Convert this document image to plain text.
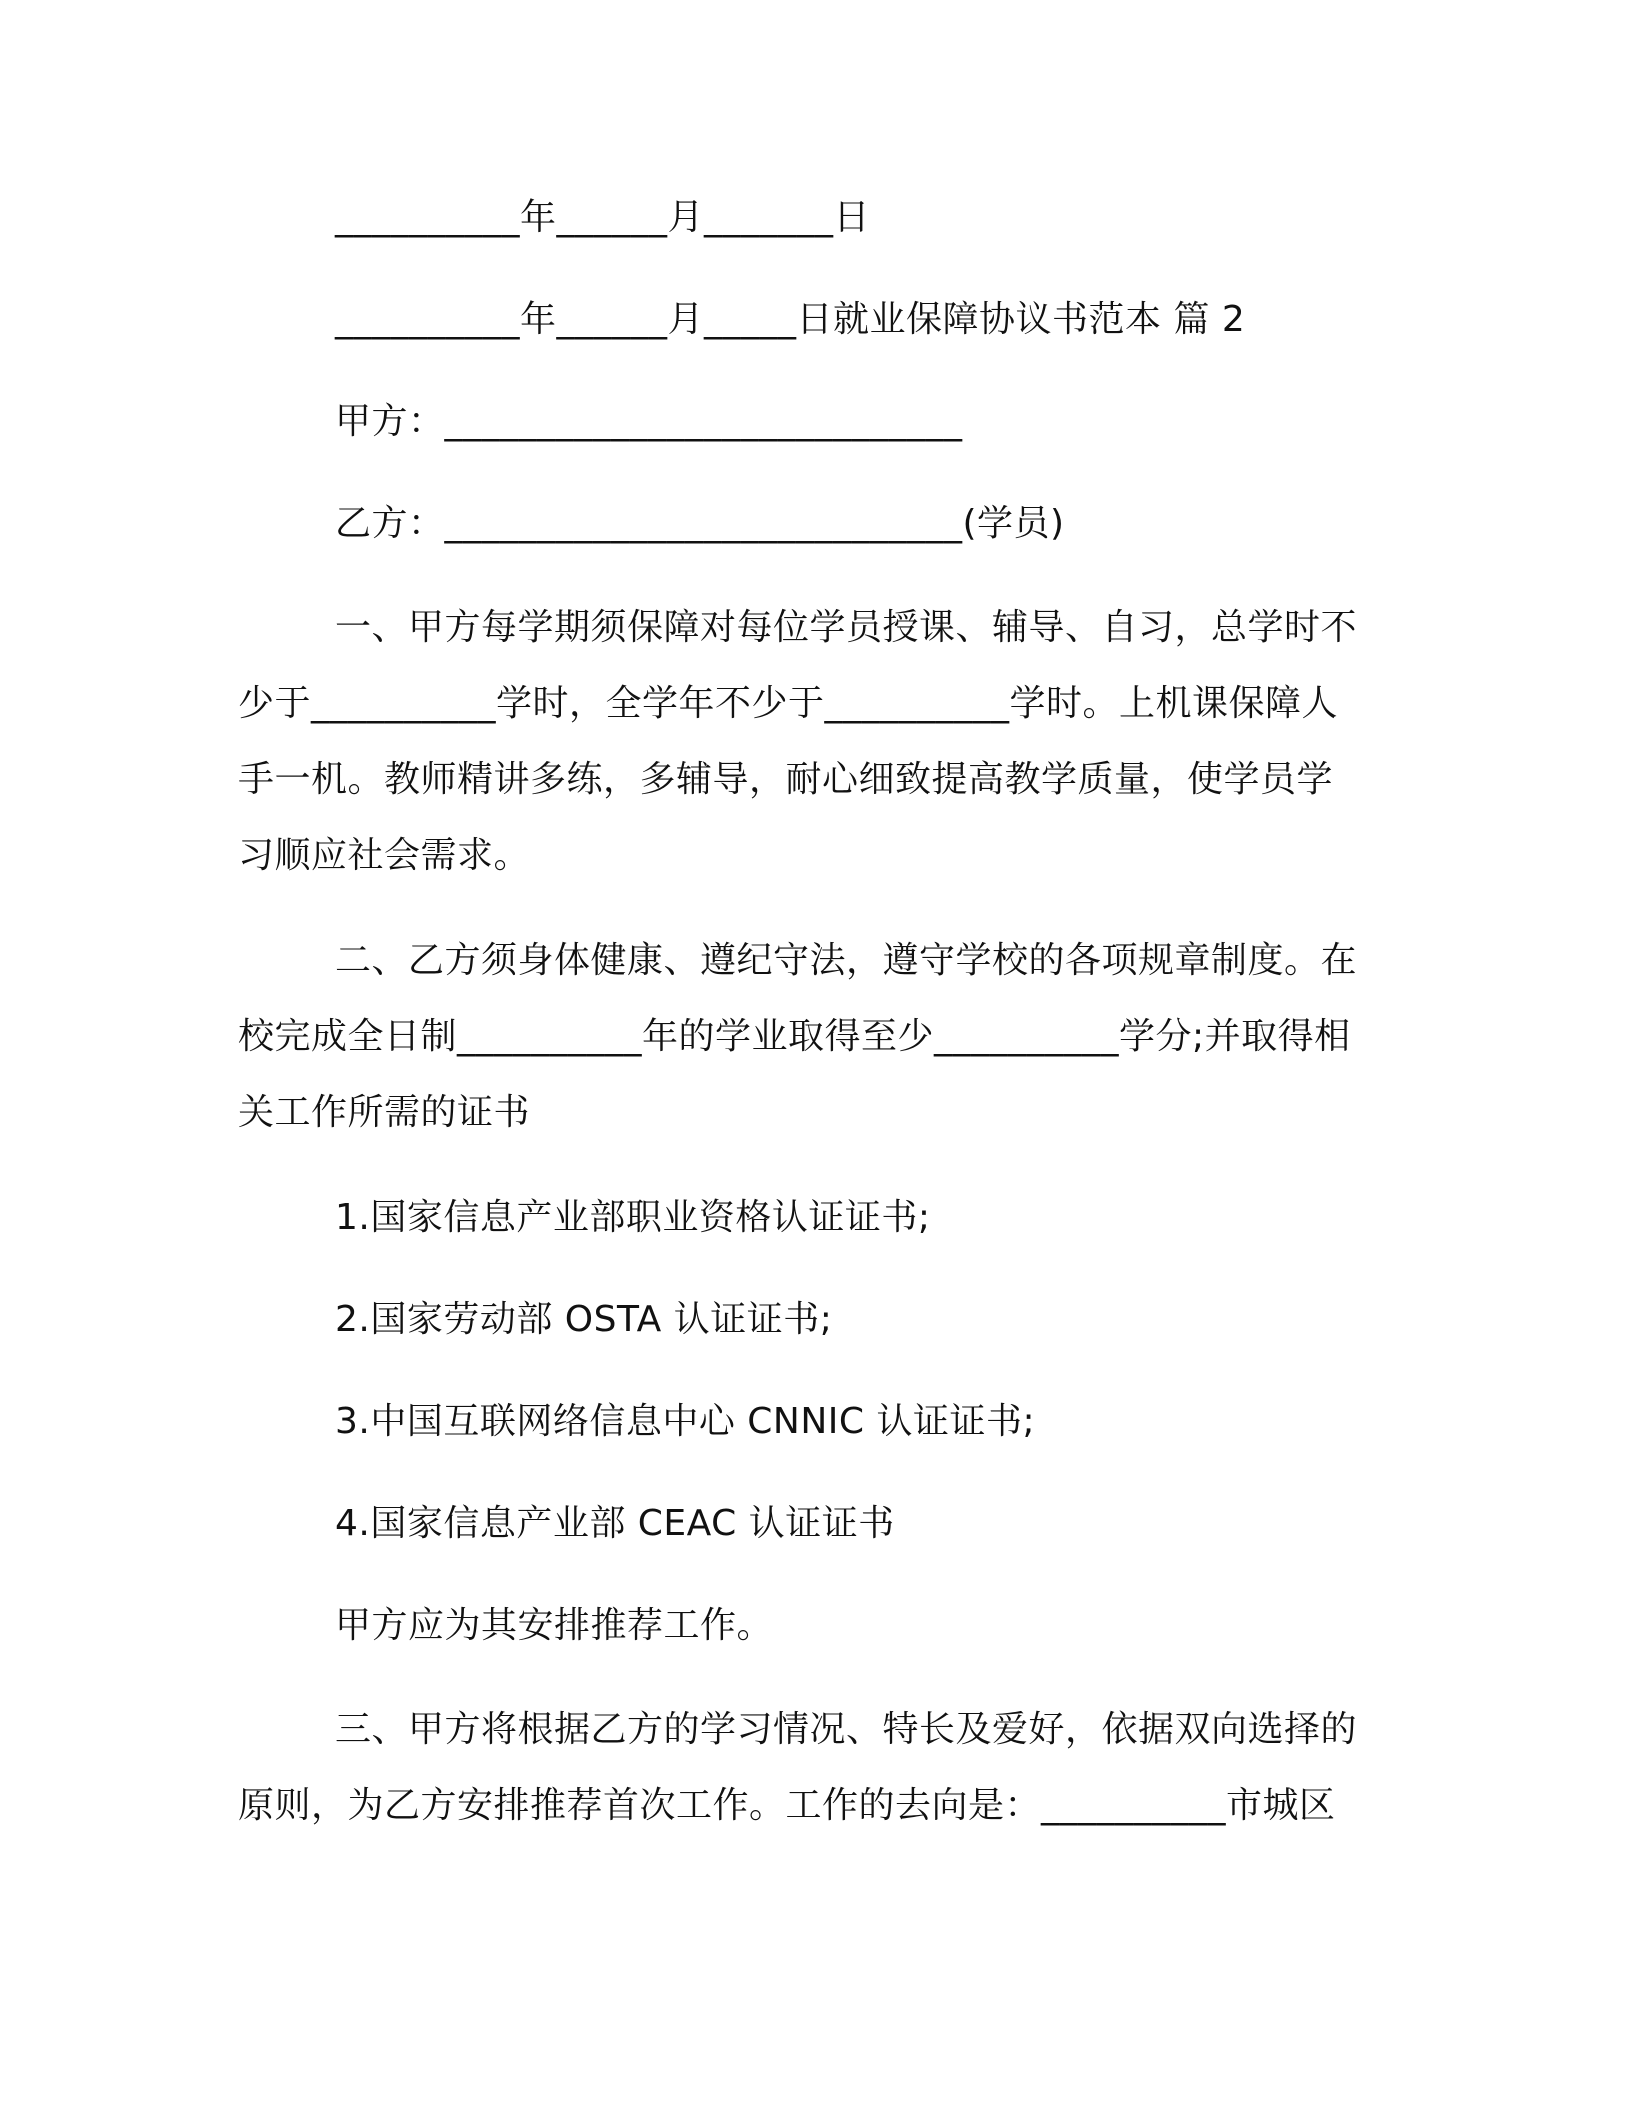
__________年______月_______日
__________年______月_____日就业保障协议书范本 篇 2
甲方：____________________________
乙方：____________________________(学员)
一、甲方每学期须保障对每位学员授课、辅导、自习，总学时不
少于__________学时，全学年不少于__________学时。上机课保障人
手一机。教师精讲多练，多辅导，耐心细致提高教学质量，使学员学
习顺应社会需求。
二、乙方须身体健康、遵纪守法，遵守学校的各项规章制度。在
校完成全日制__________年的学业取得至少__________学分;并取得相
关工作所需的证书
1.国家信息产业部职业资格认证证书;
2.国家劳动部 OSTA 认证证书;
3.中国互联网络信息中心 CNNIC 认证证书;
4.国家信息产业部 CEAC 认证证书
甲方应为其安排推荐工作。
三、甲方将根据乙方的学习情况、特长及爱好，依据双向选择的
原则，为乙方安排推荐首次工作。工作的去向是：__________市城区
